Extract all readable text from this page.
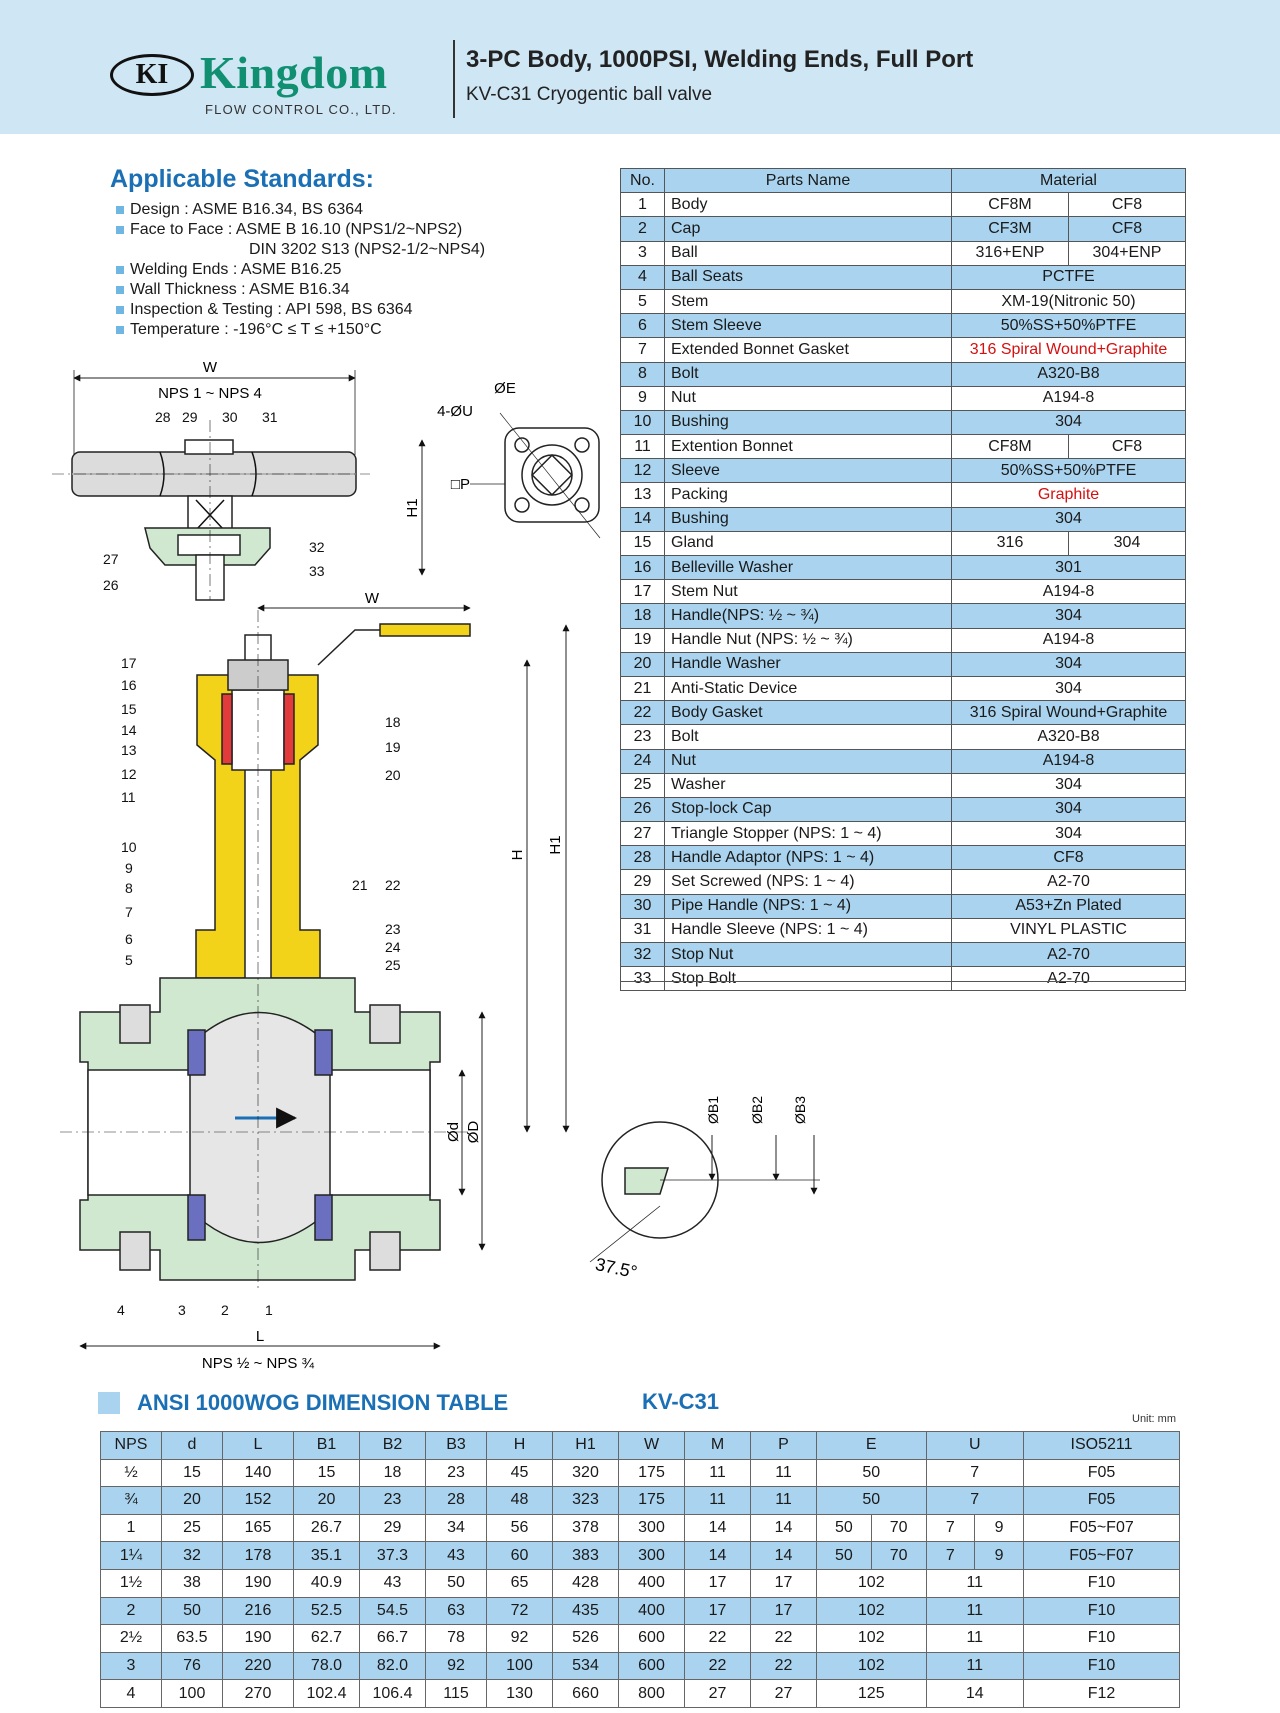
KI Kingdom
FLOW CONTROL CO., LTD.
3-PC Body, 1000PSI, Welding Ends, Full Port
KV-C31 Cryogentic ball valve
Applicable Standards:
Design : ASME B16.34, BS 6364
Face to Face : ASME B 16.10 (NPS1/2~NPS2)
DIN 3202 S13 (NPS2-1/2~NPS4)
Welding Ends : ASME B16.25
Wall Thickness : ASME B16.34
Inspection & Testing : API 598, BS 6364
Temperature : -196°C ≤ T ≤ +150°C
No.	Parts Name	Material	
1	Body	CF8M	CF8
2	Cap	CF3M	CF8
3	Ball	316+ENP	304+ENP
4	Ball Seats	PCTFE	
5	Stem	XM-19(Nitronic 50)	
6	Stem Sleeve	50%SS+50%PTFE	
7	Extended Bonnet Gasket	316 Spiral Wound+Graphite	
8	Bolt	A320-B8	
9	Nut	A194-8	
10	Bushing	304	
11	Extention Bonnet	CF8M	CF8
12	Sleeve	50%SS+50%PTFE	
13	Packing	Graphite	
14	Bushing	304	
15	Gland	316	304
16	Belleville Washer	301	
17	Stem Nut	A194-8	
18	Handle(NPS: ½ ~ ¾)	304	
19	Handle Nut (NPS: ½ ~ ¾)	A194-8	
20	Handle Washer	304	
21	Anti-Static Device	304	
22	Body Gasket	316 Spiral Wound+Graphite	
23	Bolt	A320-B8	
24	Nut	A194-8	
25	Washer	304	
26	Stop-lock Cap	304	
27	Triangle Stopper (NPS: 1 ~ 4)	304	
28	Handle Adaptor (NPS: 1 ~ 4)	CF8	
29	Set Screwed (NPS: 1 ~ 4)	A2-70	
30	Pipe Handle (NPS: 1 ~ 4)	A53+Zn Plated	
31	Handle Sleeve (NPS: 1 ~ 4)	VINYL PLASTIC	
32	Stop Nut	A2-70	
33	Stop Bolt	A2-70	
W
NPS 1 ~ NPS 4	ØE
4-ØU
□P
W
L
NPS ½ ~ NPS ¾
H
H1
H1
Ød ØD
ØB1 ØB2 ØB3
37.5°
4	3	2	1
5
6
7
8
9
10
11
12
13
14
15
16
17
18
19
20
21 22
23
24
25
26
27
28 29 30 31
32
33
ANSI 1000WOG DIMENSION TABLE	KV-C31
Unit: mm
NPS	d	L	B1	B2	B3	H	H1	W	M	P	E		U		ISO5211
½	15	140	15	18	23	45	320	175	11	11	50		7		F05
¾	20	152	20	23	28	48	323	175	11	11	50		7		F05
1	25	165	26.7	29	34	56	378	300	14	14	50	70	7	9	F05~F07
1¼	32	178	35.1	37.3	43	60	383	300	14	14	50	70	7	9	F05~F07
1½	38	190	40.9	43	50	65	428	400	17	17	102		11		F10
2	50	216	52.5	54.5	63	72	435	400	17	17	102		11		F10
2½	63.5	190	62.7	66.7	78	92	526	600	22	22	102		11		F10
3	76	220	78.0	82.0	92	100	534	600	22	22	102		11		F10
4	100	270	102.4	106.4	115	130	660	800	27	27	125		14		F12
